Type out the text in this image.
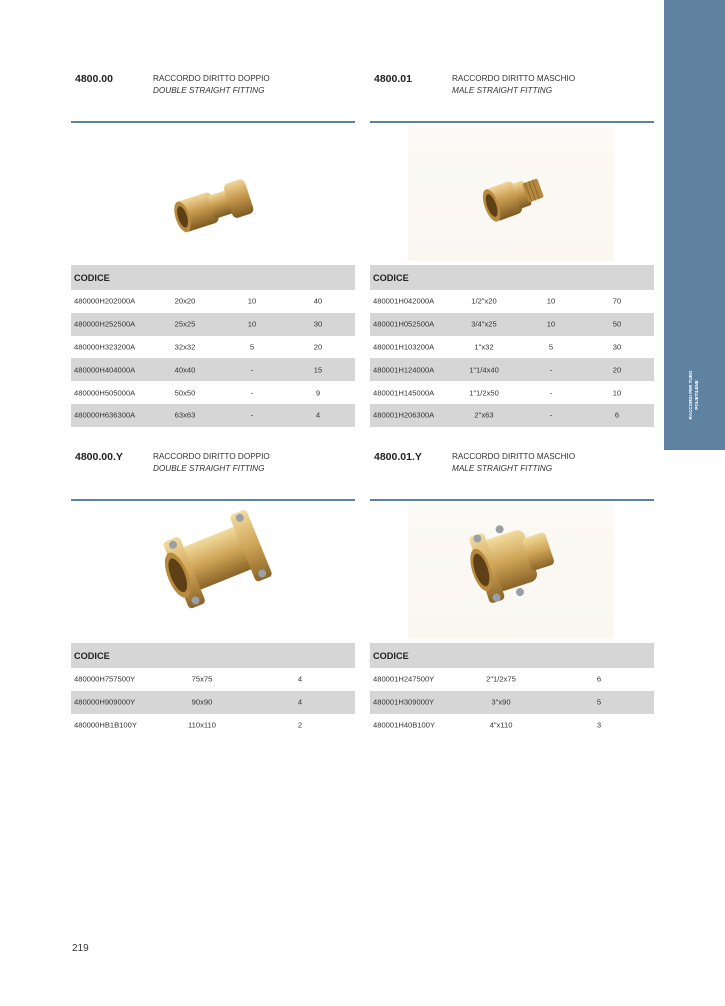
RACCORDI PER TUBO POLIETILENE
4800.00	RACCORDO DIRITTO DOPPIO
DOUBLE STRAIGHT FITTING
CODICE
480000H202000A	20x20	10	40
480000H252500A	25x25	10	30
480000H323200A	32x32	5	20
480000H404000A	40x40	-	15
480000H505000A	50x50	-	9
480000H636300A	63x63	-	4
4800.01	RACCORDO DIRITTO MASCHIO
MALE STRAIGHT FITTING
CODICE
480001H042000A	1/2"x20	10	70
480001H052500A	3/4"x25	10	50
480001H103200A	1"x32	5	30
480001H124000A	1"1/4x40	-	20
480001H145000A	1"1/2x50	-	10
480001H206300A	2"x63	-	6
4800.00.Y	RACCORDO DIRITTO DOPPIO
DOUBLE STRAIGHT FITTING
CODICE
480000H757500Y	75x75	4
480000H909000Y	90x90	4
480000HB1B100Y	110x110	2
4800.01.Y	RACCORDO DIRITTO MASCHIO
MALE STRAIGHT FITTING
CODICE
480001H247500Y	2"1/2x75	6
480001H309000Y	3"x90	5
480001H40B100Y	4"x110	3
219
